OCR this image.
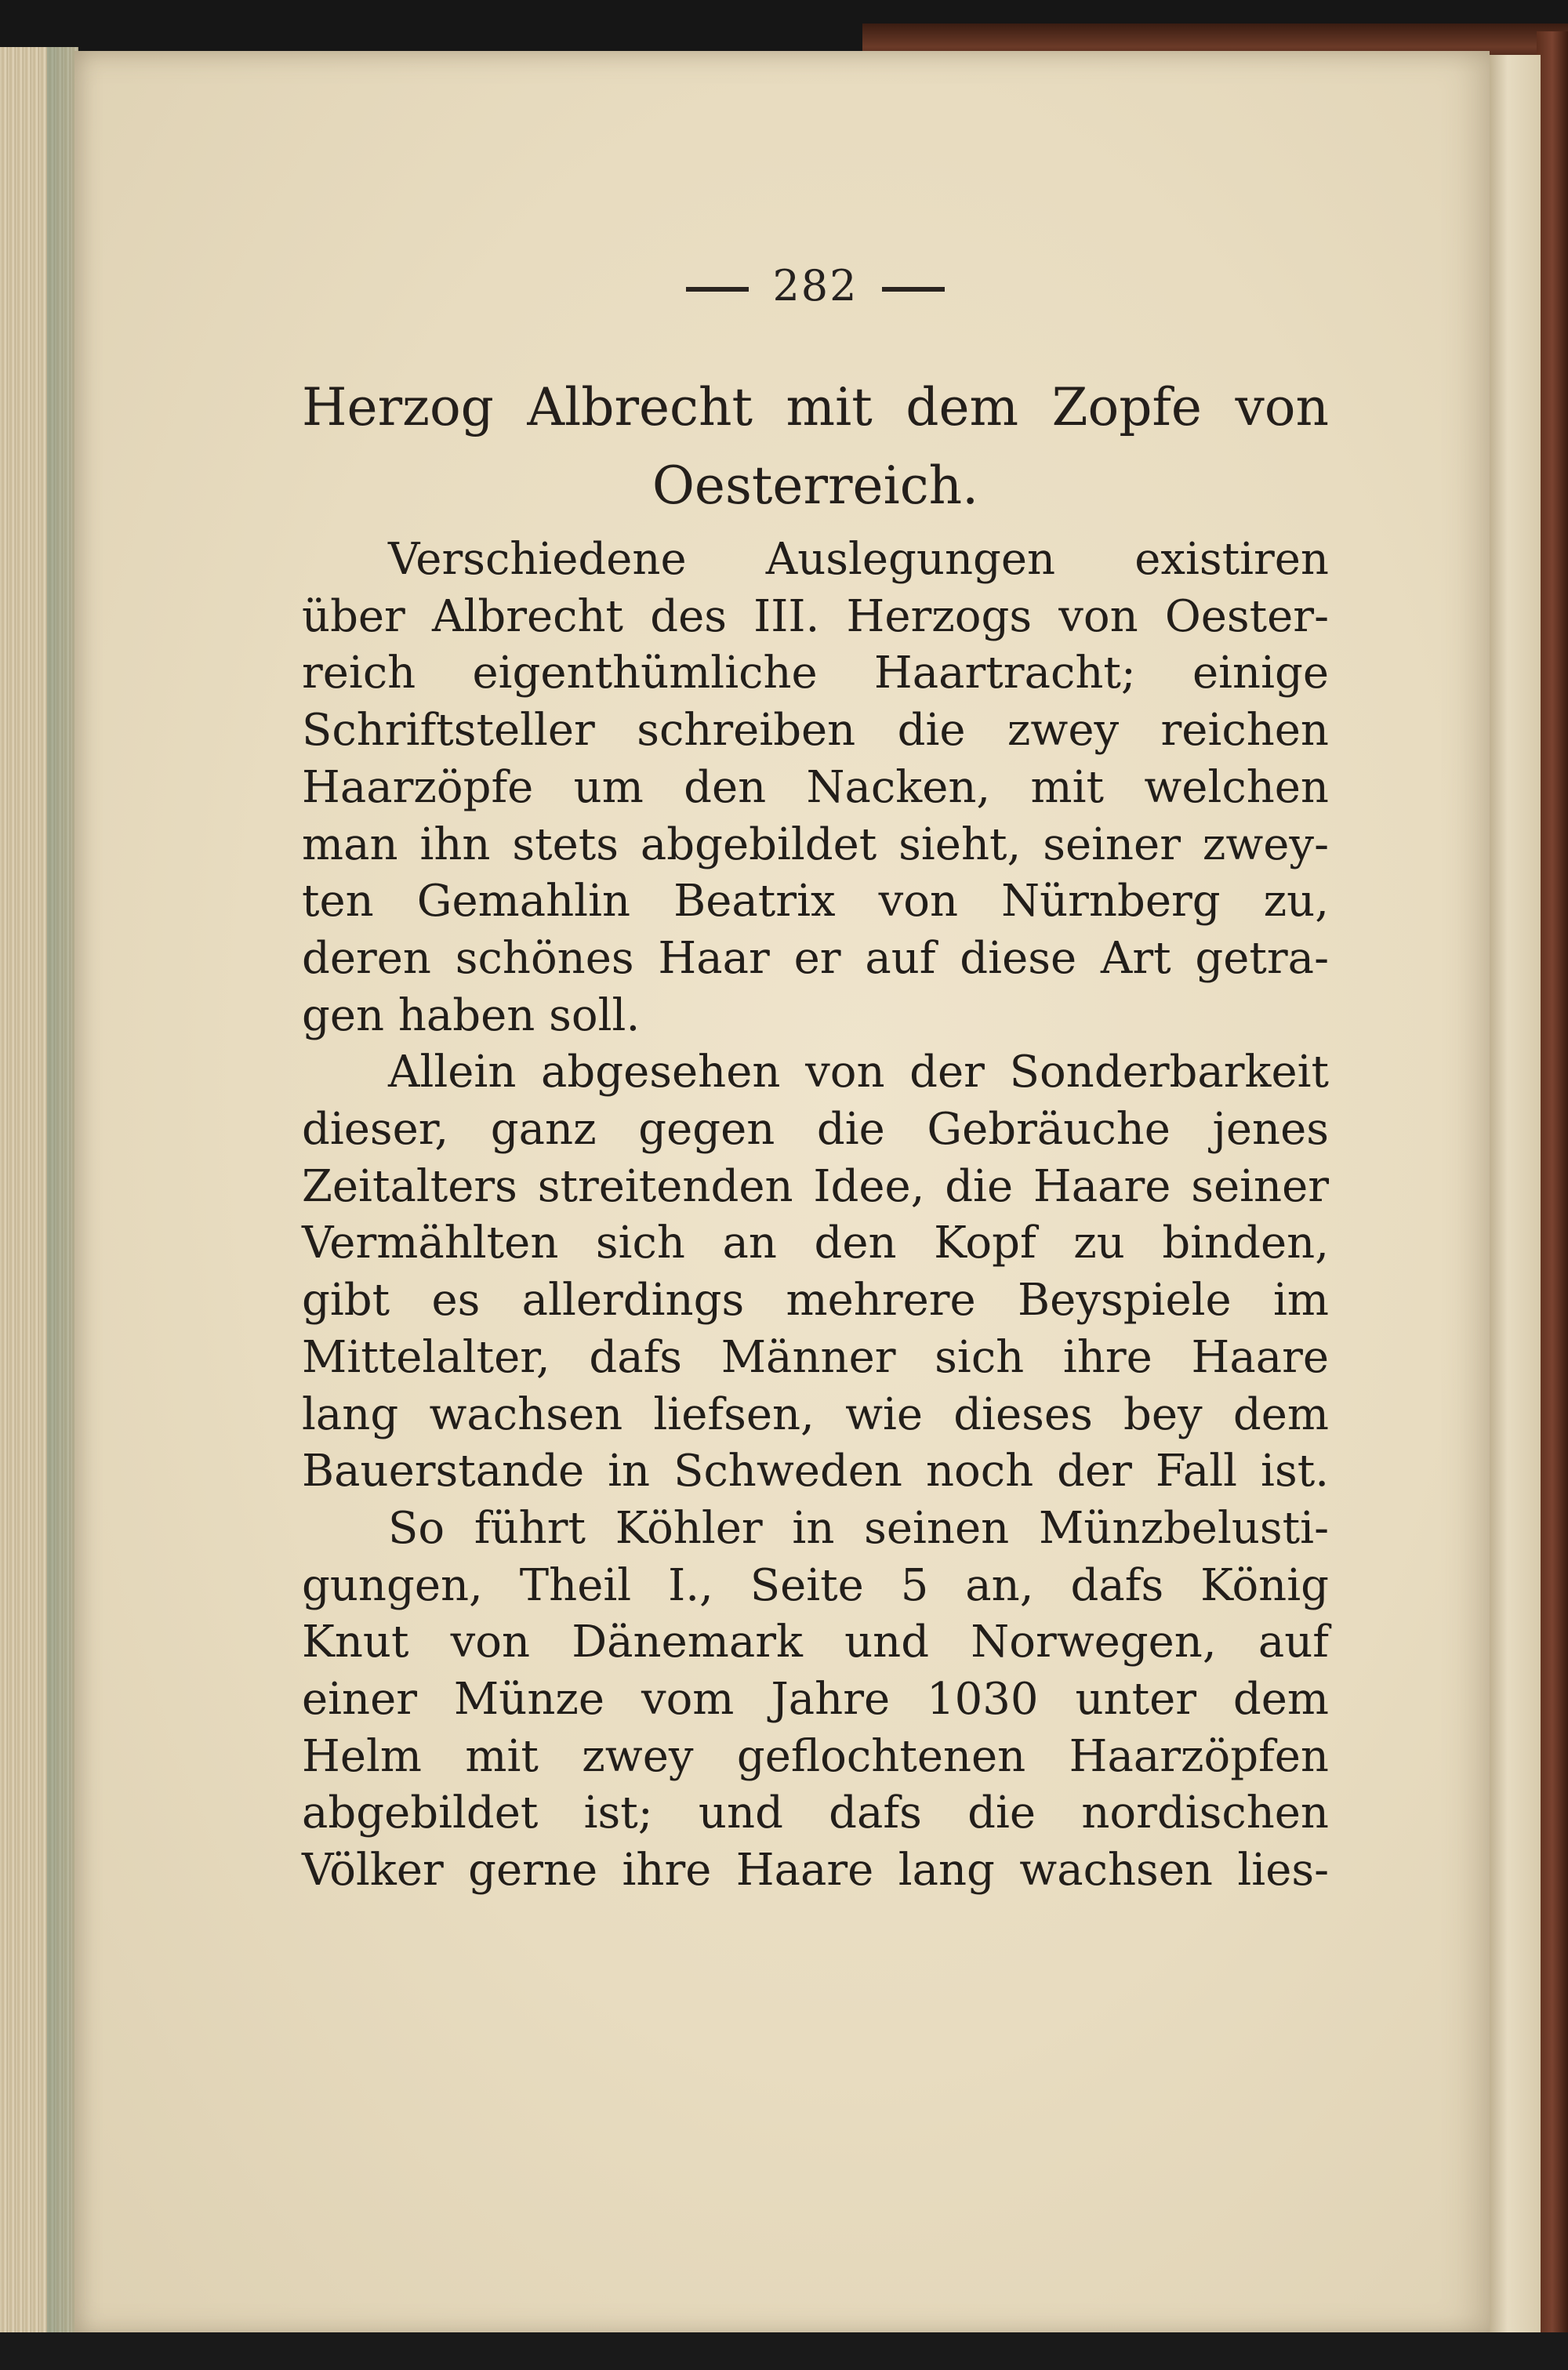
282
Herzog Albrecht mit dem Zopfe von
Oesterreich.
Verschiedene Auslegungen existiren
über Albrecht des III. Herzogs von Oester-
reich eigenthümliche Haartracht; einige
Schriftsteller schreiben die zwey reichen
Haarzöpfe um den Nacken, mit welchen
man ihn stets abgebildet sieht, seiner zwey-
ten Gemahlin Beatrix von Nürnberg zu,
deren schönes Haar er auf diese Art getra-
gen haben soll.
Allein abgesehen von der Sonderbarkeit
dieser, ganz gegen die Gebräuche jenes
Zeitalters streitenden Idee, die Haare seiner
Vermählten sich an den Kopf zu binden,
gibt es allerdings mehrere Beyspiele im
Mittelalter, dafs Männer sich ihre Haare
lang wachsen liefsen, wie dieses bey dem
Bauerstande in Schweden noch der Fall ist.
So führt Köhler in seinen Münzbelusti-
gungen, Theil I., Seite 5 an, dafs König
Knut von Dänemark und Norwegen, auf
einer Münze vom Jahre 1030 unter dem
Helm mit zwey geflochtenen Haarzöpfen
abgebildet ist; und dafs die nordischen
Völker gerne ihre Haare lang wachsen lies-
